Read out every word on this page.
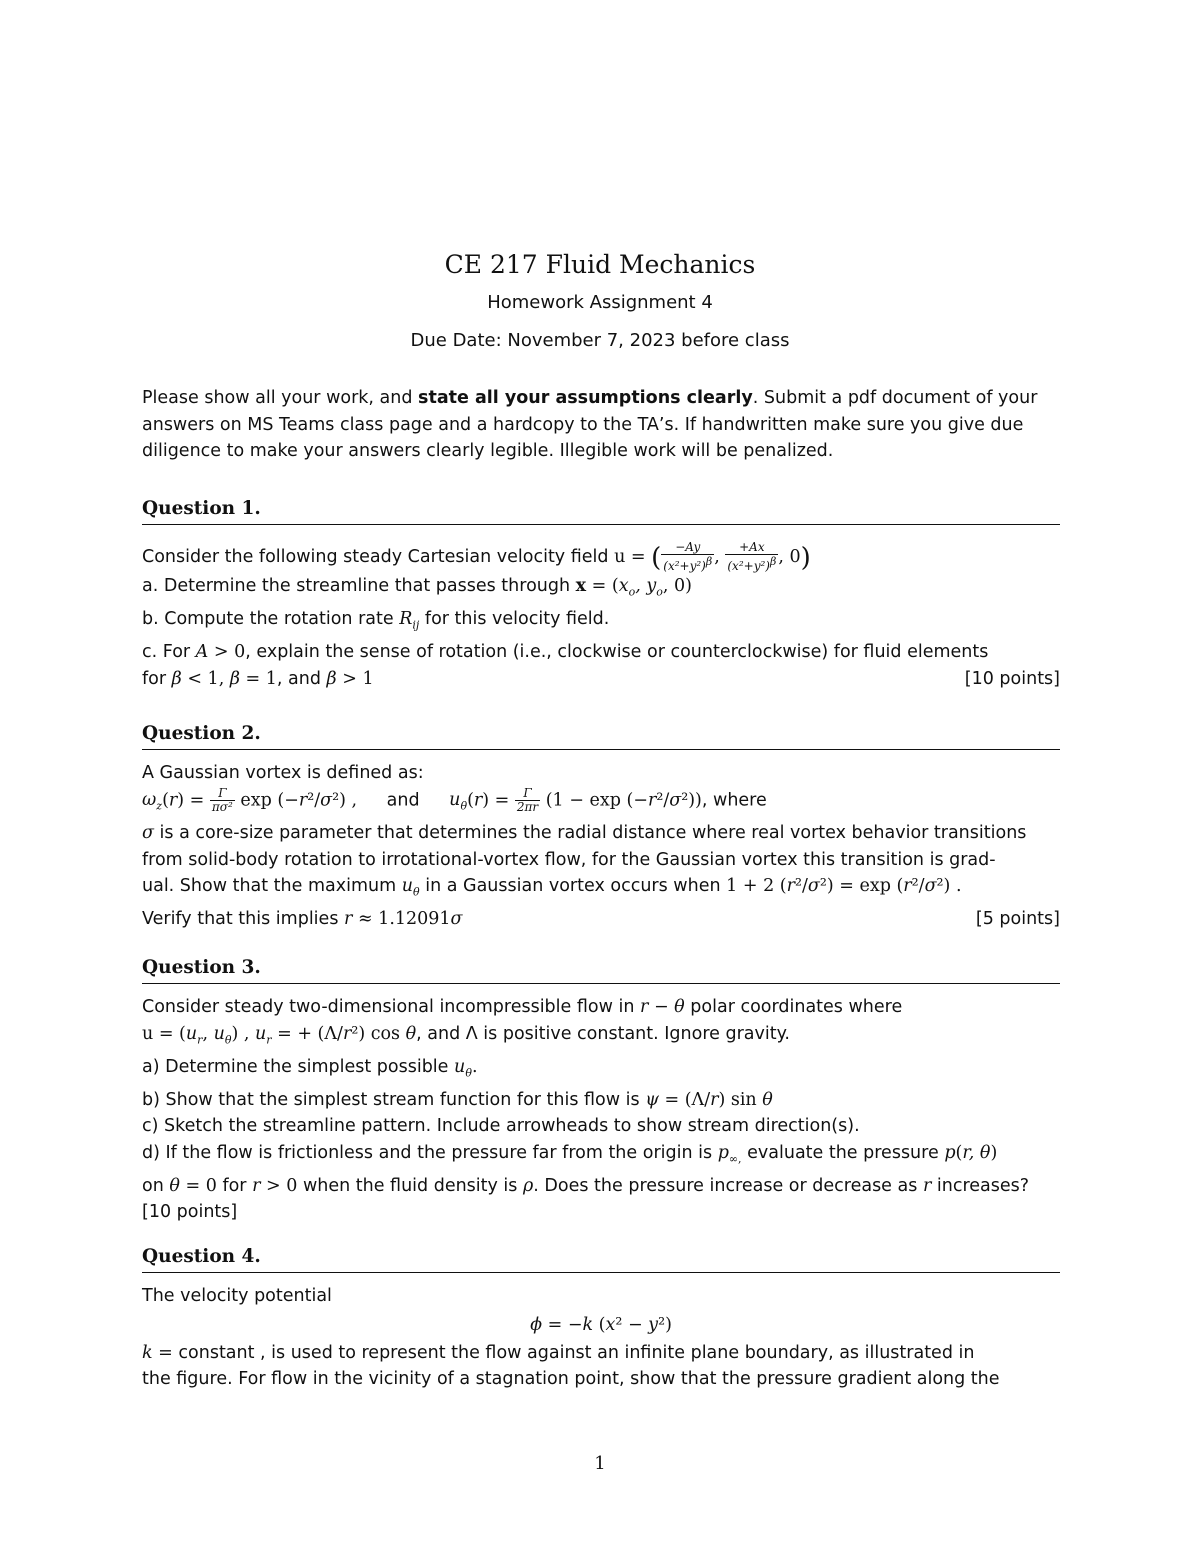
CE 217 Fluid Mechanics
Homework Assignment 4
Due Date: November 7, 2023 before class

Please show all your work, and state all your assumptions clearly. Submit a pdf document of your answers on MS Teams class page and a hardcopy to the TA’s. If handwritten make sure you give due diligence to make your answers clearly legible. Illegible work will be penalized.

Question 1.
Consider the following steady Cartesian velocity field u = ( $\frac{-Ay}{(x^2+y^2)^\beta}$ , $\frac{+Ax}{(x^2+y^2)^\beta}$ , 0)
a. Determine the streamline that passes through $x = (x_o$, $y_o$, 0)
b. Compute the rotation rate $R_{ij}$ for this velocity field.
c. For A > 0, explain the sense of rotation (i.e., clockwise or counterclockwise) for fluid elements
for β < 1, β = 1, and β > 1	[10 points]
Question 2.
A Gaussian vortex is defined as:
$\omega_z(r) = \frac{\Gamma}{\text{πσ²}}$ exp (−r²/σ²) , and $u_\theta(r) = \frac{\Gamma}{2\pi r} (1 - \exp (-r^2/\sigma^2))$, where
σ is a core-size parameter that determines the radial distance where real vortex behavior transitions
from solid-body rotation to irrotational-vortex flow, for the Gaussian vortex this transition is grad-
ual. Show that the maximum $u_\theta$ in a Gaussian vortex occurs when 1 + 2 (r²/σ²) = exp (r²/σ²) .
Verify that this implies r ≈ 1.12091σ	[5 points]
Question 3.
Consider steady two-dimensional incompressible flow in r − θ polar coordinates where
$u = (u_r$, $u_\theta$) , $u_r$ = + (Λ/r²) cos θ, and Λ is positive constant. Ignore gravity.
a) Determine the simplest possible $u_\theta$.
b) Show that the simplest stream function for this flow is ψ = (Λ/r) sin θ
c) Sketch the streamline pattern. Include arrowheads to show stream direction(s).
d) If the flow is frictionless and the pressure far from the origin is $p_{\infty,}$ evaluate the pressure p(r, θ)
on θ = 0 for r > 0 when the fluid density is ρ. Does the pressure increase or decrease as r increases?
[10 points]
Question 4.
The velocity potential
ϕ = −k (x² − y²)
k = constant , is used to represent the flow against an infinite plane boundary, as illustrated in
the figure. For flow in the vicinity of a stagnation point, show that the pressure gradient along the
1
